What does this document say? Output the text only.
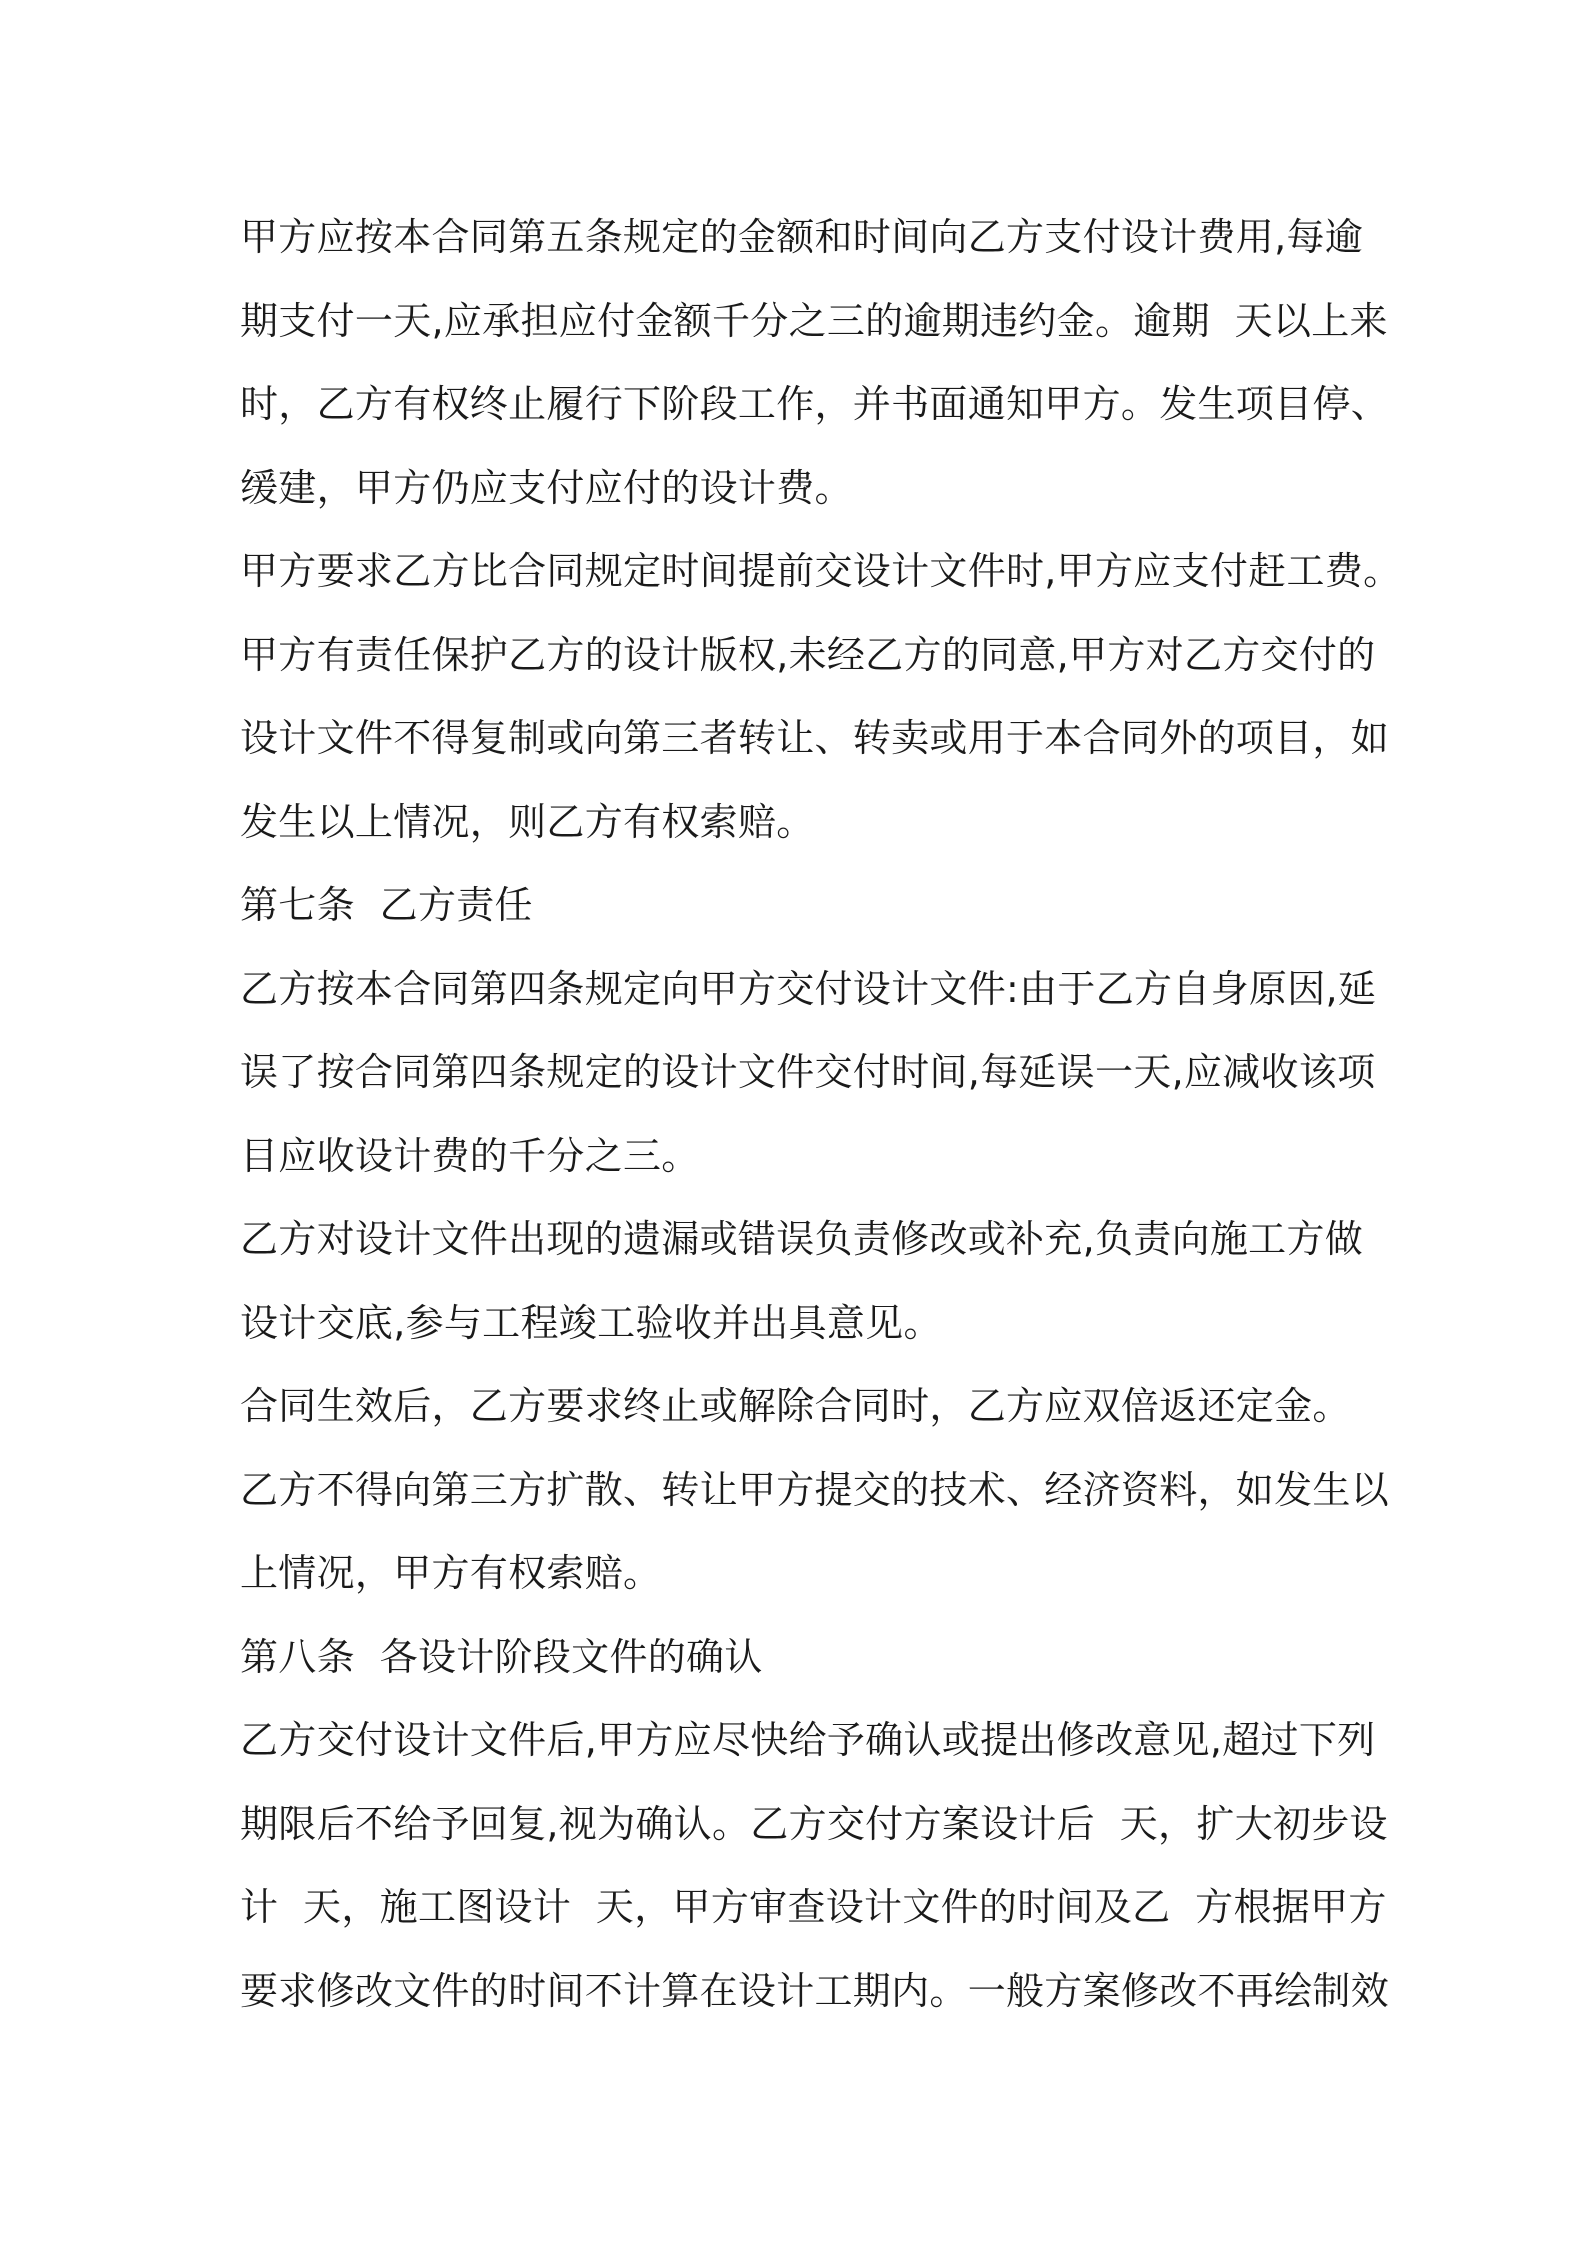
甲方应按本合同第五条规定的金额和时间向乙方支付设计费用,每逾
期支付一天,应承担应付金额千分之三的逾期违约金。逾期  天以上来
时，乙方有权终止履行下阶段工作，并书面通知甲方。发生项目停、
缓建，甲方仍应支付应付的设计费。
甲方要求乙方比合同规定时间提前交设计文件时,甲方应支付赶工费。
甲方有责任保护乙方的设计版权,未经乙方的同意,甲方对乙方交付的
设计文件不得复制或向第三者转让、转卖或用于本合同外的项目，如
发生以上情况，则乙方有权索赔。
第七条  乙方责任
乙方按本合同第四条规定向甲方交付设计文件:由于乙方自身原因,延
误了按合同第四条规定的设计文件交付时间,每延误一天,应减收该项
目应收设计费的千分之三。
乙方对设计文件出现的遗漏或错误负责修改或补充,负责向施工方做
设计交底,参与工程竣工验收并出具意见。
合同生效后，乙方要求终止或解除合同时，乙方应双倍返还定金。
乙方不得向第三方扩散、转让甲方提交的技术、经济资料，如发生以
上情况，甲方有权索赔。
第八条  各设计阶段文件的确认
乙方交付设计文件后,甲方应尽快给予确认或提出修改意见,超过下列
期限后不给予回复,视为确认。乙方交付方案设计后  天，扩大初步设
计  天，施工图设计  天，甲方审查设计文件的时间及乙  方根据甲方
要求修改文件的时间不计算在设计工期内。一般方案修改不再绘制效
